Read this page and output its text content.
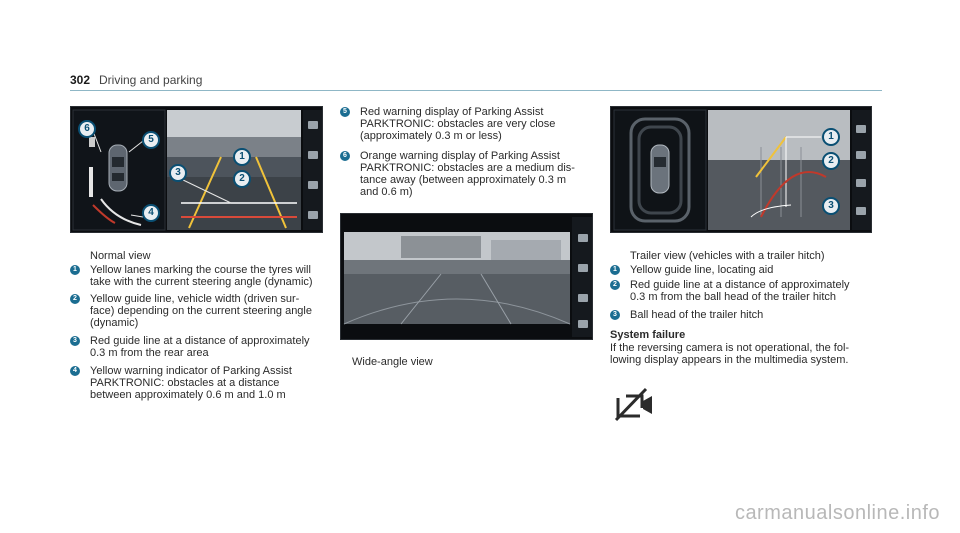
302 Driving and parking
6
5
3
1
2
4
Normal view
1 Yellow lanes marking the course the tyres will
take with the current steering angle (dynamic)
2 Yellow guide line, vehicle width (driven sur-
face) depending on the current steering angle
(dynamic)
3 Red guide line at a distance of approximately
0.3 m from the rear area
4 Yellow warning indicator of Parking Assist
PARKTRONIC: obstacles at a distance
between approximately 0.6 m and 1.0 m
5 Red warning display of Parking Assist
PARKTRONIC: obstacles are very close
(approximately 0.3 m or less)
6 Orange warning display of Parking Assist
PARKTRONIC: obstacles are a medium dis-
tance away (between approximately 0.3 m
and 0.6 m)
Wide-angle view
1
2
3
Trailer view (vehicles with a trailer hitch)
1 Yellow guide line, locating aid
2 Red guide line at a distance of approximately
0.3 m from the ball head of the trailer hitch
3 Ball head of the trailer hitch
System failure
If the reversing camera is not operational, the fol-
lowing display appears in the multimedia system.
carmanualsonline.info
